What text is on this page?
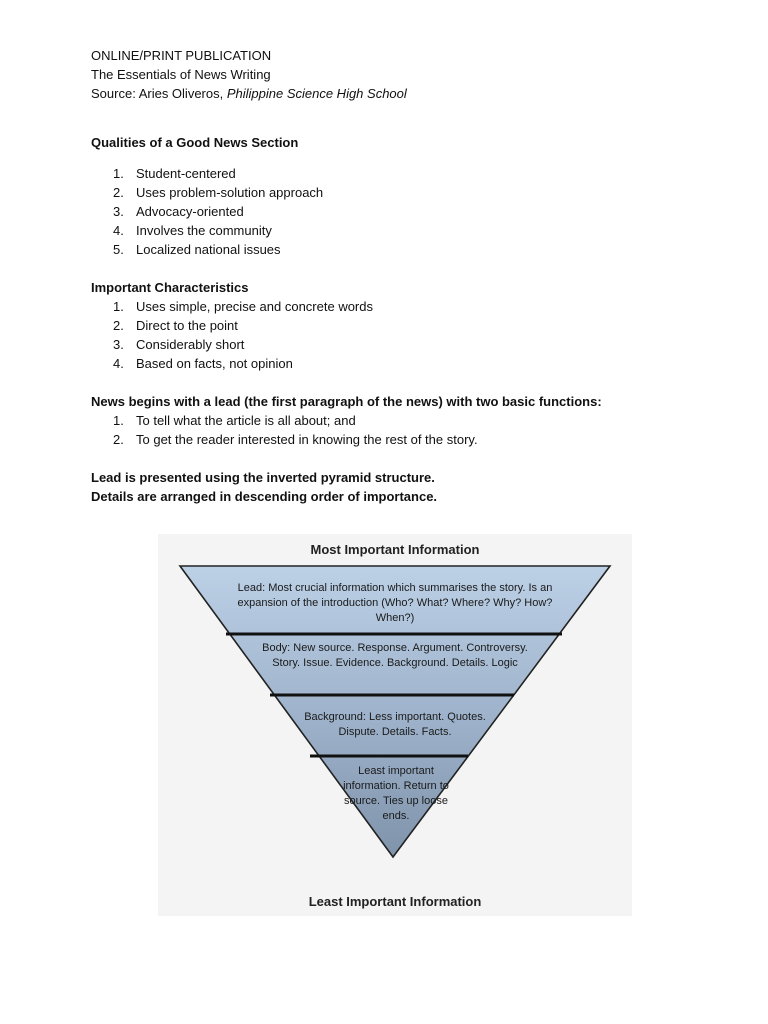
ONLINE/PRINT PUBLICATION

The Essentials of News Writing

Source: Aries Oliveros, Philippine Science High School

Qualities of a Good News Section

1. Student-centered
2. Uses problem-solution approach
3. Advocacy-oriented
4. Involves the community
5. Localized national issues

Important Characteristics

1. Uses simple, precise and concrete words
2. Direct to the point
3. Considerably short
4. Based on facts, not opinion

News begins with a lead (the first paragraph of the news) with two basic functions:

1. To tell what the article is all about; and
2. To get the reader interested in knowing the rest of the story.

Lead is presented using the inverted pyramid structure.

Details are arranged in descending order of importance.

Most Important Information
Lead: Most crucial information which summarises the story. Is an expansion of the introduction (Who? What? Where? Why? How? When?)
Body: New source. Response. Argument. Controversy. Story. Issue. Evidence. Background. Details. Logic
Background: Less important. Quotes. Dispute. Details. Facts.
Least important information. Return to source. Ties up loose ends.
Least Important Information
